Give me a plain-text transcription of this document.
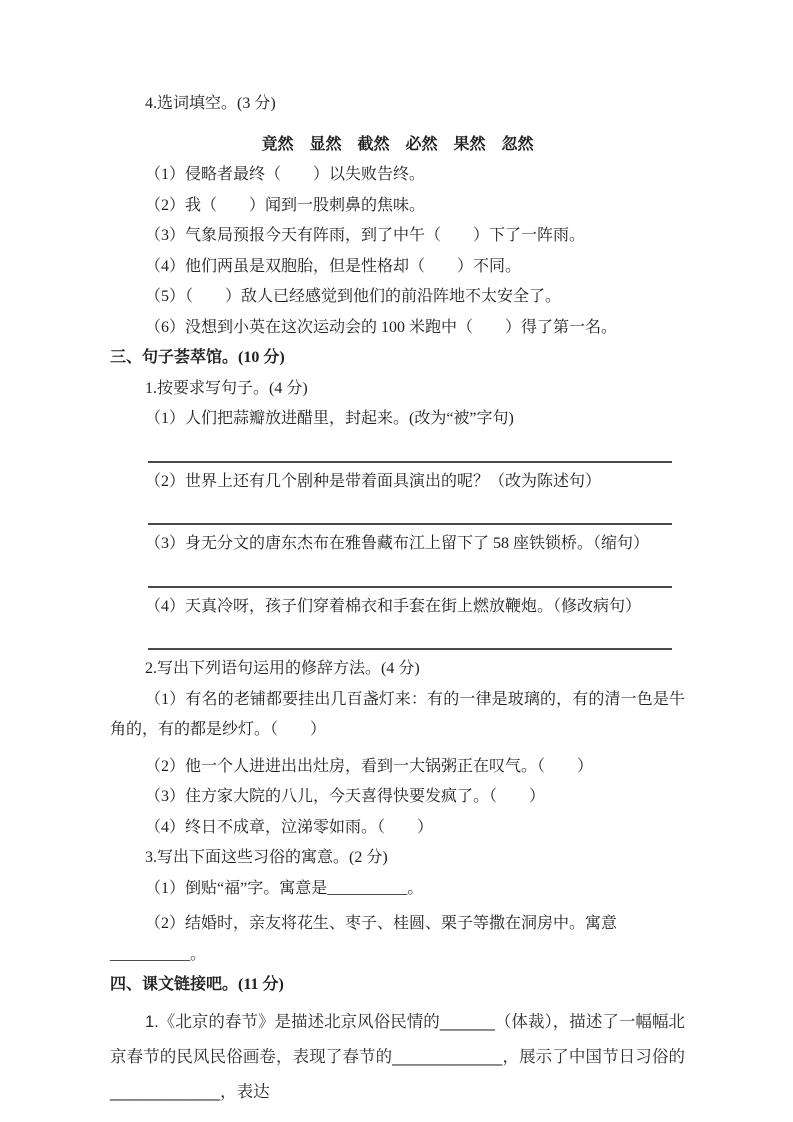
4.选词填空。(3 分)
竟然　显然　截然　必然　果然　忽然
（1）侵略者最终（　　）以失败告终。
（2）我（　　）闻到一股刺鼻的焦味。
（3）气象局预报今天有阵雨，到了中午（　　）下了一阵雨。
（4）他们两虽是双胞胎，但是性格却（　　）不同。
（5）（　　）敌人已经感觉到他们的前沿阵地不太安全了。
（6）没想到小英在这次运动会的 100 米跑中（　　）得了第一名。
三、句子荟萃馆。(10 分)
1.按要求写句子。(4 分)
（1）人们把蒜瓣放进醋里，封起来。(改为“被”字句)
（2）世界上还有几个剧种是带着面具演出的呢？（改为陈述句）
（3）身无分文的唐东杰布在雅鲁藏布江上留下了 58 座铁锁桥。（缩句）
（4）天真冷呀，孩子们穿着棉衣和手套在街上燃放鞭炮。（修改病句）
2.写出下列语句运用的修辞方法。(4 分)
（1）有名的老铺都要挂出几百盏灯来：有的一律是玻璃的，有的清一色是牛角的，有的都是纱灯。（　　）
（2）他一个人进进出出灶房，看到一大锅粥正在叹气。（　　）
（3）住方家大院的八儿，今天喜得快要发疯了。（　　）
（4）终日不成章，泣涕零如雨。（　　）
3.写出下面这些习俗的寓意。(2 分)
（1）倒贴“福”字。寓意是__________。
（2）结婚时，亲友将花生、枣子、桂圆、栗子等撒在洞房中。寓意__________。
四、课文链接吧。(11 分)
1.《北京的春节》是描述北京风俗民情的______（体裁），描述了一幅幅北京春节的民风民俗画卷，表现了春节的____________，展示了中国节日习俗的____________，表达
